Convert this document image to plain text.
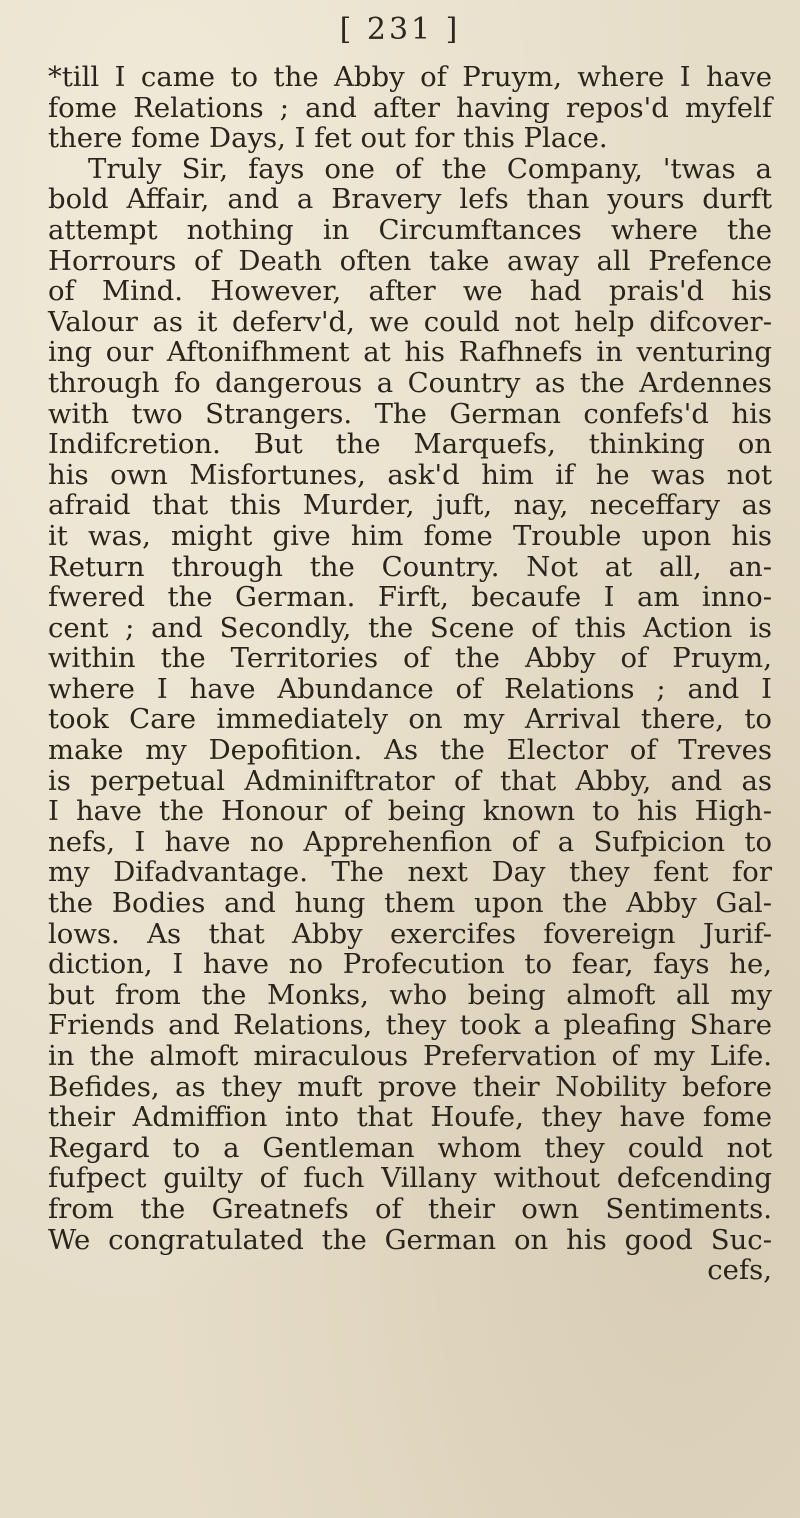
[ 231 ]
*till I came to the Abby of Pruym, where I have
fome Relations ; and after having repos'd myfelf
there fome Days, I fet out for this Place.
Truly Sir, fays one of the Company, 'twas a
bold Affair, and a Bravery lefs than yours durft
attempt nothing in Circumftances where the
Horrours of Death often take away all Prefence
of Mind. However, after we had prais'd his
Valour as it deferv'd, we could not help difcover-
ing our Aftonifhment at his Rafhnefs in venturing
through fo dangerous a Country as the Ardennes
with two Strangers. The German confefs'd his
Indifcretion. But the Marquefs, thinking on
his own Misfortunes, ask'd him if he was not
afraid that this Murder, juft, nay, neceffary as
it was, might give him fome Trouble upon his
Return through the Country. Not at all, an-
fwered the German. Firft, becaufe I am inno-
cent ; and Secondly, the Scene of this Action is
within the Territories of the Abby of Pruym,
where I have Abundance of Relations ; and I
took Care immediately on my Arrival there, to
make my Depofition. As the Elector of Treves
is perpetual Adminiftrator of that Abby, and as
I have the Honour of being known to his High-
nefs, I have no Apprehenfion of a Sufpicion to
my Difadvantage. The next Day they fent for
the Bodies and hung them upon the Abby Gal-
lows. As that Abby exercifes fovereign Jurif-
diction, I have no Profecution to fear, fays he,
but from the Monks, who being almoft all my
Friends and Relations, they took a pleafing Share
in the almoft miraculous Prefervation of my Life.
Befides, as they muft prove their Nobility before
their Admiffion into that Houfe, they have fome
Regard to a Gentleman whom they could not
fufpect guilty of fuch Villany without defcending
from the Greatnefs of their own Sentiments.
We congratulated the German on his good Suc-
cefs,
